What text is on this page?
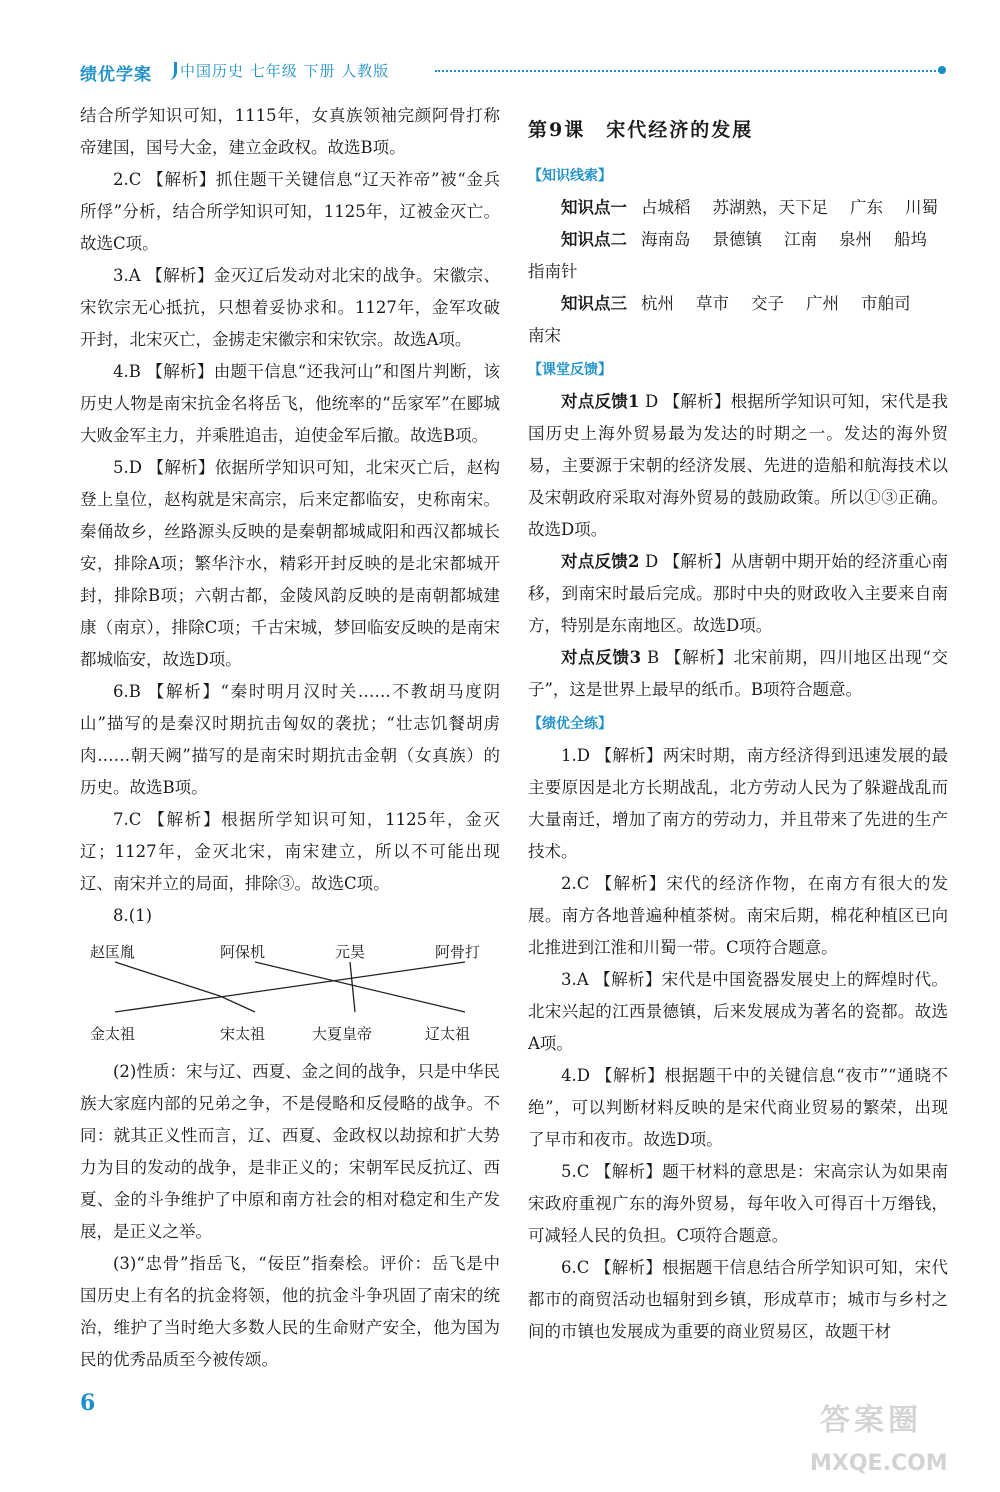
绩优学案 中国历史 七年级 下册 人教版

结合所学知识可知，1115年，女真族领袖完颜阿骨打称帝建国，国号大金，建立金政权。故选B项。

2.C 【解析】抓住题干关键信息“辽天祚帝”被“金兵所俘”分析，结合所学知识可知，1125年，辽被金灭亡。故选C项。

3.A 【解析】金灭辽后发动对北宋的战争。宋徽宗、宋钦宗无心抵抗，只想着妥协求和。1127年，金军攻破开封，北宋灭亡，金掳走宋徽宗和宋钦宗。故选A项。

4.B 【解析】由题干信息“还我河山”和图片判断，该历史人物是南宋抗金名将岳飞，他统率的“岳家军”在郾城大败金军主力，并乘胜追击，迫使金军后撤。故选B项。

5.D 【解析】依据所学知识可知，北宋灭亡后，赵构登上皇位，赵构就是宋高宗，后来定都临安，史称南宋。秦俑故乡，丝路源头反映的是秦朝都城咸阳和西汉都城长安，排除A项；繁华汴水，精彩开封反映的是北宋都城开封，排除B项；六朝古都，金陵风韵反映的是南朝都城建康（南京），排除C项；千古宋城，梦回临安反映的是南宋都城临安，故选D项。

6.B 【解析】“秦时明月汉时关……不教胡马度阴山”描写的是秦汉时期抗击匈奴的袭扰；“壮志饥餐胡虏肉……朝天阙”描写的是南宋时期抗击金朝（女真族）的历史。故选B项。

7.C 【解析】根据所学知识可知，1125年，金灭辽；1127年，金灭北宋，南宋建立，所以不可能出现辽、南宋并立的局面，排除③。故选C项。

8.(1)

赵匡胤	阿保机	元昊	阿骨打
金太祖	宋太祖	大夏皇帝	辽太祖

(2)性质：宋与辽、西夏、金之间的战争，只是中华民族大家庭内部的兄弟之争，不是侵略和反侵略的战争。不同：就其正义性而言，辽、西夏、金政权以劫掠和扩大势力为目的发动的战争，是非正义的；宋朝军民反抗辽、西夏、金的斗争维护了中原和南方社会的相对稳定和生产发展，是正义之举。

(3)“忠骨”指岳飞，“佞臣”指秦桧。评价：岳飞是中国历史上有名的抗金将领，他的抗金斗争巩固了南宋的统治，维护了当时绝大多数人民的生命财产安全，他为国为民的优秀品质至今被传颂。

第9课　宋代经济的发展

【知识线索】

知识点一 占城稻 苏湖熟，天下足 广东 川蜀
知识点二 海南岛 景德镇 江南 泉州 船坞

指南针

知识点三 杭州 草市 交子 广州 市舶司

南宋

【课堂反馈】

对点反馈1 D 【解析】根据所学知识可知，宋代是我国历史上海外贸易最为发达的时期之一。发达的海外贸易，主要源于宋朝的经济发展、先进的造船和航海技术以及宋朝政府采取对海外贸易的鼓励政策。所以①③正确。故选D项。

对点反馈2 D 【解析】从唐朝中期开始的经济重心南移，到南宋时最后完成。那时中央的财政收入主要来自南方，特别是东南地区。故选D项。

对点反馈3 B 【解析】北宋前期，四川地区出现“交子”，这是世界上最早的纸币。B项符合题意。

【绩优全练】

1.D 【解析】两宋时期，南方经济得到迅速发展的最主要原因是北方长期战乱，北方劳动人民为了躲避战乱而大量南迁，增加了南方的劳动力，并且带来了先进的生产技术。

2.C 【解析】宋代的经济作物，在南方有很大的发展。南方各地普遍种植茶树。南宋后期，棉花种植区已向北推进到江淮和川蜀一带。C项符合题意。

3.A 【解析】宋代是中国瓷器发展史上的辉煌时代。北宋兴起的江西景德镇，后来发展成为著名的瓷都。故选A项。

4.D 【解析】根据题干中的关键信息“夜市”“通晓不绝”，可以判断材料反映的是宋代商业贸易的繁荣，出现了早市和夜市。故选D项。

5.C 【解析】题干材料的意思是：宋高宗认为如果南宋政府重视广东的海外贸易，每年收入可得百十万缗钱，可减轻人民的负担。C项符合题意。

6.C 【解析】根据题干信息结合所学知识可知，宋代都市的商贸活动也辐射到乡镇，形成草市；城市与乡村之间的市镇也发展成为重要的商业贸易区，故题干材

6	答案圈
MXQE.COM
